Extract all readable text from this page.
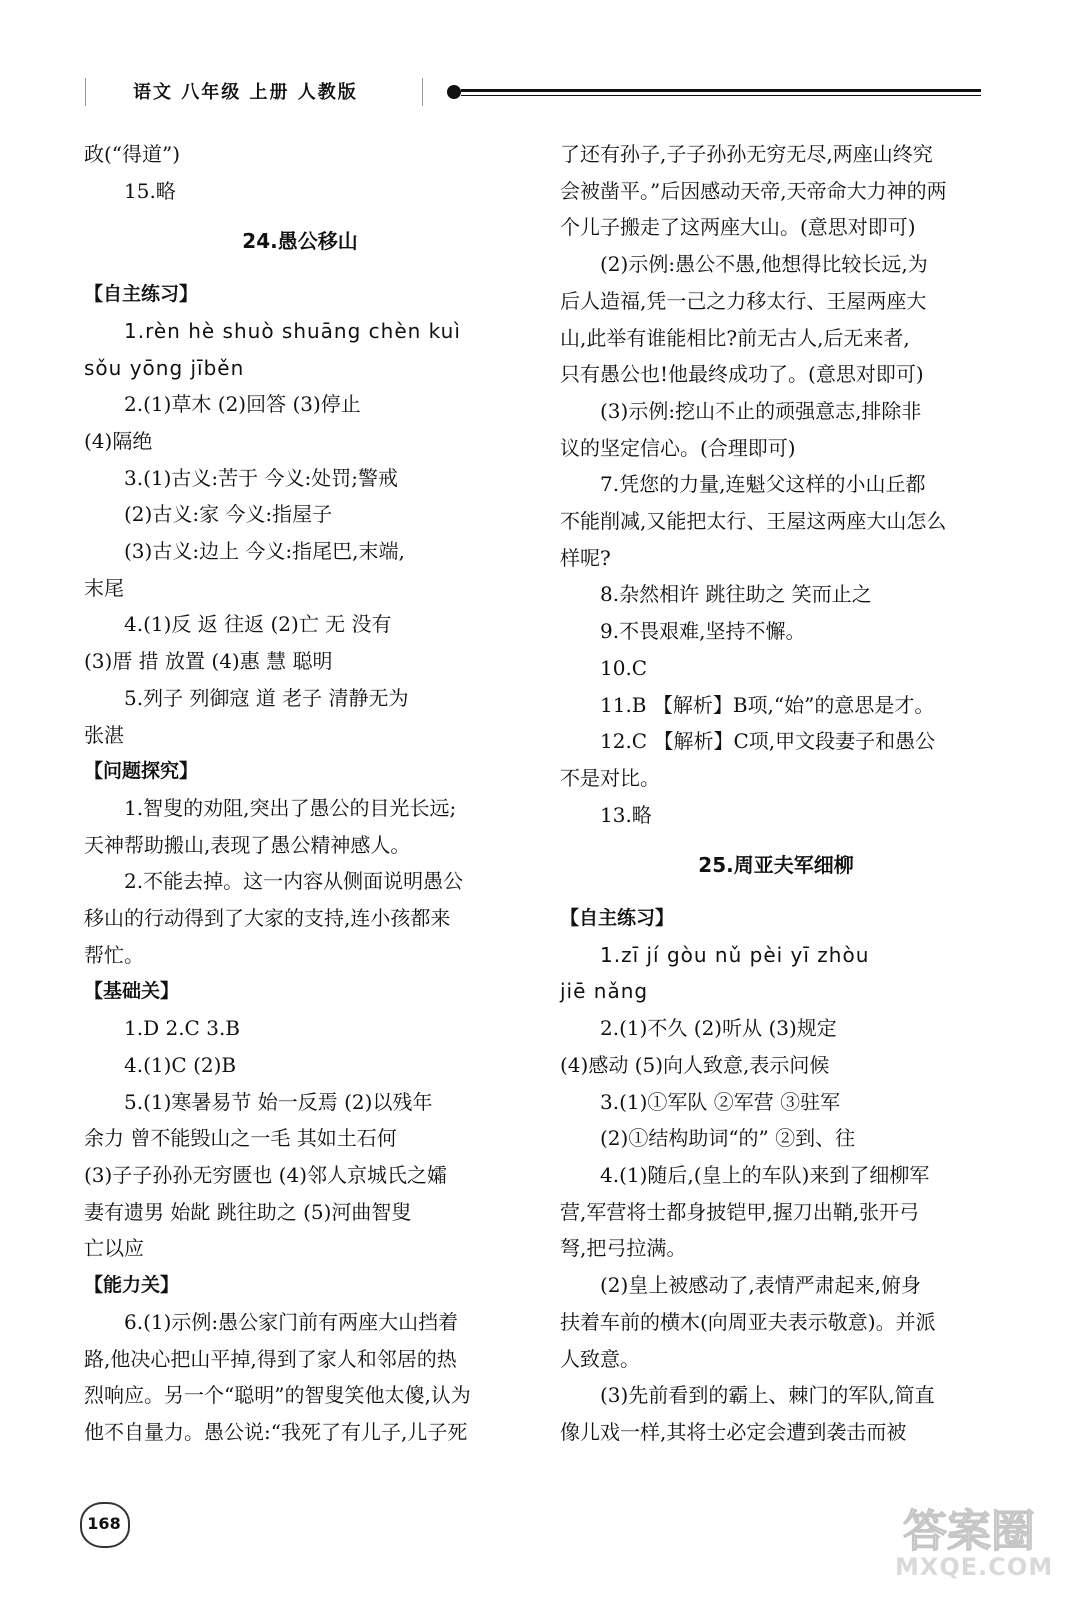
语文 八年级 上册 人教版

政(“得道”)

15.略

24.愚公移山

【自主练习】

1.rèn hè shuò shuāng chèn kuì

sǒu yōng jīběn

2.(1)草木 (2)回答 (3)停止

(4)隔绝

3.(1)古义:苦于 今义:处罚;警戒

(2)古义:家 今义:指屋子

(3)古义:边上 今义:指尾巴,末端,

末尾

4.(1)反 返 往返 (2)亡 无 没有

(3)厝 措 放置 (4)惠 慧 聪明

5.列子 列御寇 道 老子 清静无为

张湛

【问题探究】

1.智叟的劝阻,突出了愚公的目光长远;

天神帮助搬山,表现了愚公精神感人。

2.不能去掉。这一内容从侧面说明愚公

移山的行动得到了大家的支持,连小孩都来

帮忙。

【基础关】

1.D 2.C 3.B

4.(1)C (2)B

5.(1)寒暑易节 始一反焉 (2)以残年

余力 曾不能毁山之一毛 其如土石何

(3)子子孙孙无穷匮也 (4)邻人京城氏之孀

妻有遗男 始龀 跳往助之 (5)河曲智叟

亡以应

【能力关】

6.(1)示例:愚公家门前有两座大山挡着

路,他决心把山平掉,得到了家人和邻居的热

烈响应。另一个“聪明”的智叟笑他太傻,认为

他不自量力。愚公说:“我死了有儿子,儿子死

了还有孙子,子子孙孙无穷无尽,两座山终究

会被凿平。”后因感动天帝,天帝命大力神的两

个儿子搬走了这两座大山。(意思对即可)

(2)示例:愚公不愚,他想得比较长远,为

后人造福,凭一己之力移太行、王屋两座大

山,此举有谁能相比?前无古人,后无来者,

只有愚公也!他最终成功了。(意思对即可)

(3)示例:挖山不止的顽强意志,排除非

议的坚定信心。(合理即可)

7.凭您的力量,连魁父这样的小山丘都

不能削减,又能把太行、王屋这两座大山怎么

样呢?

8.杂然相许 跳往助之 笑而止之

9.不畏艰难,坚持不懈。

10.C

11.B 【解析】B项,“始”的意思是才。

12.C 【解析】C项,甲文段妻子和愚公

不是对比。

13.略

25.周亚夫军细柳

【自主练习】

1.zī jí gòu nǔ pèi yī zhòu

jiē nǎng

2.(1)不久 (2)听从 (3)规定

(4)感动 (5)向人致意,表示问候

3.(1)①军队 ②军营 ③驻军

(2)①结构助词“的” ②到、往

4.(1)随后,(皇上的车队)来到了细柳军

营,军营将士都身披铠甲,握刀出鞘,张开弓

弩,把弓拉满。

(2)皇上被感动了,表情严肃起来,俯身

扶着车前的横木(向周亚夫表示敬意)。并派

人致意。

(3)先前看到的霸上、棘门的军队,简直

像儿戏一样,其将士必定会遭到袭击而被

168	答案圈
MXQE.COM
